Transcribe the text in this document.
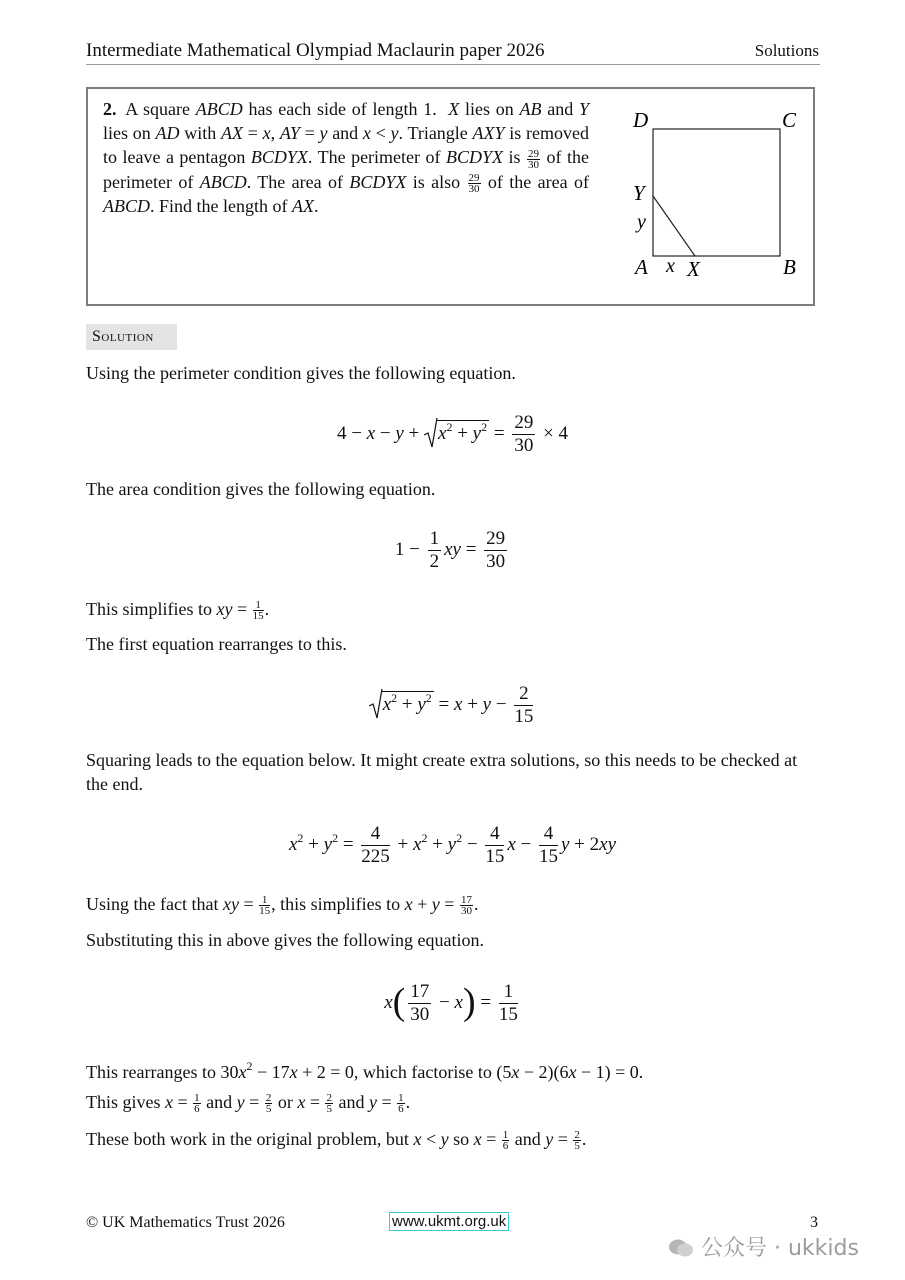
Intermediate Mathematical Olympiad Maclaurin paper 2026	Solutions
2. A square ABCD has each side of length 1.  X lies on AB and Y lies on AD with AX = x, AY = y and x < y. Triangle AXY is removed to leave a pentagon BCDYX. The perimeter of BCDYX is $\frac{29}{30}$ of the perimeter of ABCD. The area of BCDYX is also $\frac{29}{30}$ of the area of ABCD. Find the length of AX.
D	C
Y
y
A x X	B
Solution
Using the perimeter condition gives the following equation.
4 − x − y +
$x^2 + y^2 = \frac{29}{30} \times 4$
The area condition gives the following equation.
$1 - \frac{1}{2}$ xy = $\frac{29}{30}$
This simplifies to xy = $\frac{1}{15}$ .
The first equation rearranges to this.
$x^2 + y^2 = x + y - \frac{2}{15}$
Squaring leads to the equation below. It might create extra solutions, so this needs to be checked at the end.
$x^2 + y^2 = \frac{4}{225} + x^2 + y^2 - \frac{4}{15}$ $x - \frac{4}{15}$ y + 2xy
Using the fact that xy = $\frac{1}{15}$ , this simplifies to $x + y = \frac{17}{30}$ .
Substituting this in above gives the following equation.
$x( \frac{17}{30} - x) = \frac{1}{15}$
This rearranges to $30x^2 - 17x + 2 = 0$, which factorise to (5x − 2)(6x − 1) = 0.
This gives $x = \frac{1}{6}$ and $y = \frac{2}{5}$ or $x = \frac{2}{5}$ and $y = \frac{1}{6}$ .
These both work in the original problem, but x < y so $x = \frac{1}{6}$ and $y = \frac{2}{5}$ .
© UK Mathematics Trust 2026	www.ukmt.org.uk	3
公众号 · ukkids
